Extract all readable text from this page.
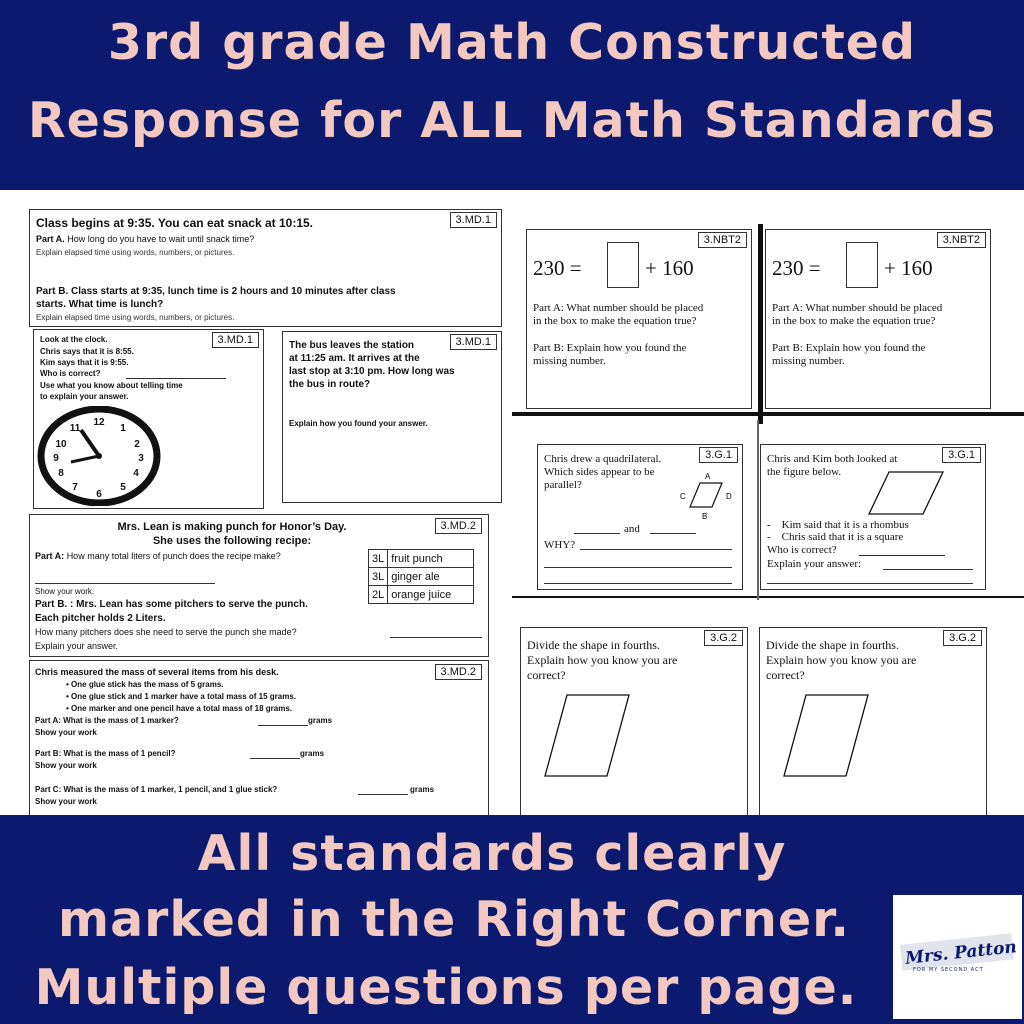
3rd grade Math Constructed
Response for ALL Math Standards
3.MD.1
Class begins at 9:35. You can eat snack at 10:15.
Part A. How long do you have to wait until snack time?
Explain elapsed time using words, numbers, or pictures.
Part B. Class starts at 9:35, lunch time is 2 hours and 10 minutes after class
starts. What time is lunch?
Explain elapsed time using words, numbers, or pictures.
3.MD.1
Look at the clock.
Chris says that it is 8:55.
Kim says that it is 9:55.
Who is correct?
Use what you know about telling time
to explain your answer.
12
1
2
3
4
5
6
7
8
9
10
11
3.MD.1
The bus leaves the station
at 11:25 am. It arrives at the
last stop at 3:10 pm. How long was
the bus in route?
Explain how you found your answer.
3.MD.2
Mrs. Lean is making punch for Honor’s Day.
She uses the following recipe:
Part A: How many total liters of punch does the recipe make?
Show your work.
Part B. : Mrs. Lean has some pitchers to serve the punch.
Each pitcher holds 2 Liters.
How many pitchers does she need to serve the punch she made?
Explain your answer.
3L	fruit punch
3L	ginger ale
2L	orange juice
3.MD.2
Chris measured the mass of several items from his desk.
• One glue stick has the mass of 5 grams.
• One glue stick and 1 marker have a total mass of 15 grams.
• One marker and one pencil have a total mass of 18 grams.
Part A: What is the mass of 1 marker?	grams
Show your work
Part B: What is the mass of 1 pencil?	grams
Show your work
Part C: What is the mass of 1 marker, 1 pencil, and 1 glue stick?	grams
Show your work
3.NBT2
230 =	+ 160
Part A: What number should be placed
in the box to make the equation true?
Part B: Explain how you found the
missing number.
3.NBT2
230 =	+ 160
Part A: What number should be placed
in the box to make the equation true?
Part B: Explain how you found the
missing number.
3.G.1
Chris drew a quadrilateral.
Which sides appear to be
parallel?
A
B
C	D
and
WHY?
3.G.1
Chris and Kim both looked at
the figure below.
- Kim said that it is a rhombus
- Chris said that it is a square
Who is correct?
Explain your answer:
3.G.2
Divide the shape in fourths.
Explain how you know you are
correct?
3.G.2
Divide the shape in fourths.
Explain how you know you are
correct?
All standards clearly
marked in the Right Corner.
Multiple questions per page.
Mrs. Patton
FOR MY SECOND ACT
